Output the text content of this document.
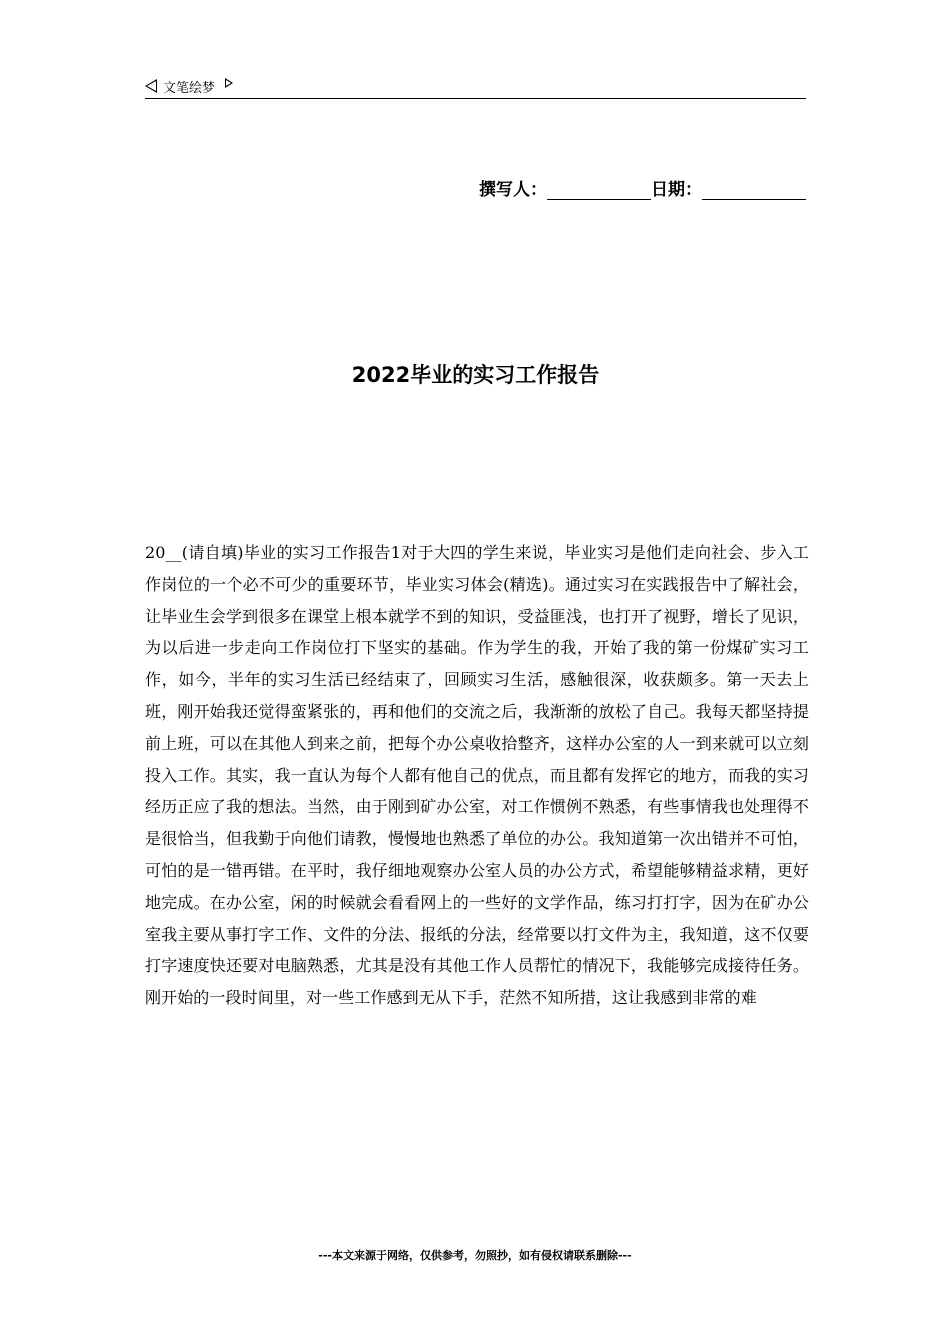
文笔绘梦
撰写人：	日期：
2022毕业的实习工作报告
20__(请自填)毕业的实习工作报告1对于大四的学生来说，毕业实习是他们走向社会、步入工作岗位的一个必不可少的重要环节，毕业实习体会(精选)。通过实习在实践报告中了解社会，让毕业生会学到很多在课堂上根本就学不到的知识，受益匪浅，也打开了视野，增长了见识，为以后进一步走向工作岗位打下坚实的基础。作为学生的我，开始了我的第一份煤矿实习工作，如今，半年的实习生活已经结束了，回顾实习生活，感触很深，收获颇多。第一天去上班，刚开始我还觉得蛮紧张的，再和他们的交流之后，我渐渐的放松了自己。我每天都坚持提前上班，可以在其他人到来之前，把每个办公桌收拾整齐，这样办公室的人一到来就可以立刻投入工作。其实，我一直认为每个人都有他自己的优点，而且都有发挥它的地方，而我的实习经历正应了我的想法。当然，由于刚到矿办公室，对工作惯例不熟悉，有些事情我也处理得不是很恰当，但我勤于向他们请教，慢慢地也熟悉了单位的办公。我知道第一次出错并不可怕，可怕的是一错再错。在平时，我仔细地观察办公室人员的办公方式，希望能够精益求精，更好地完成。在办公室，闲的时候就会看看网上的一些好的文学作品，练习打打字，因为在矿办公室我主要从事打字工作、文件的分法、报纸的分法，经常要以打文件为主，我知道，这不仅要打字速度快还要对电脑熟悉，尤其是没有其他工作人员帮忙的情况下，我能够完成接待任务。刚开始的一段时间里，对一些工作感到无从下手，茫然不知所措，这让我感到非常的难
---本文来源于网络，仅供参考，勿照抄，如有侵权请联系删除---
